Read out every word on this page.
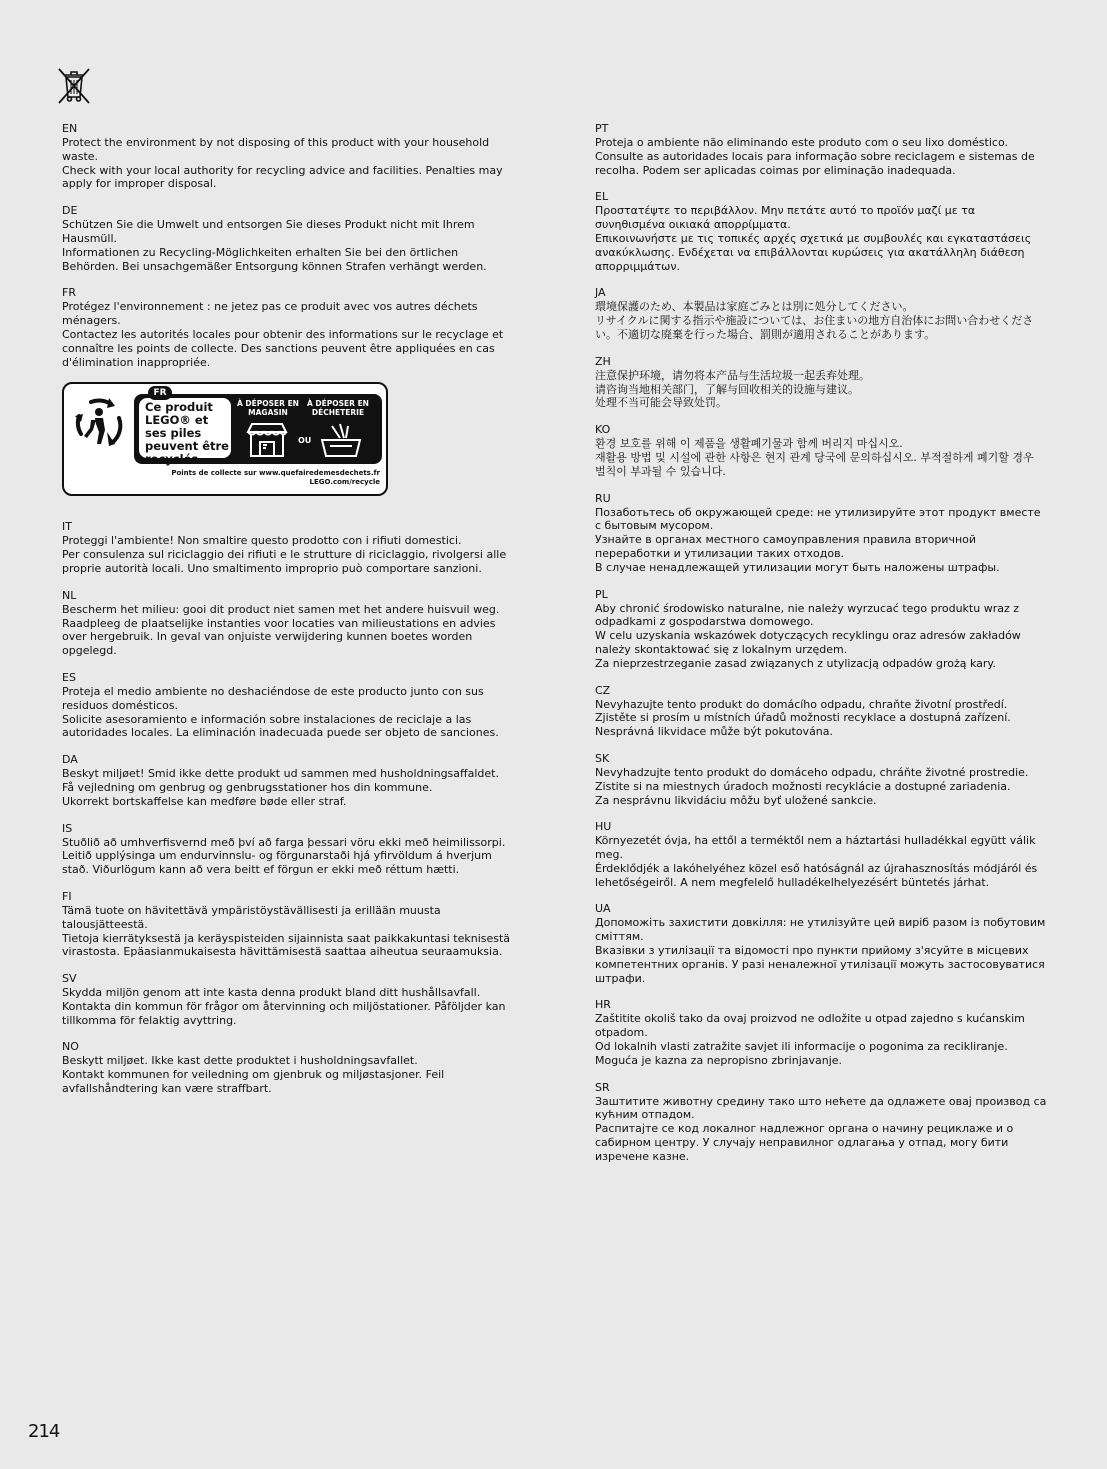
EN
Protect the environment by not disposing of this product with your household waste.
Check with your local authority for recycling advice and facilities. Penalties may apply for improper disposal.
DE
Schützen Sie die Umwelt und entsorgen Sie dieses Produkt nicht mit Ihrem Hausmüll.
Informationen zu Recycling-Möglichkeiten erhalten Sie bei den örtlichen Behörden. Bei unsachgemäßer Entsorgung können Strafen verhängt werden.
FR
Protégez l'environnement : ne jetez pas ce produit avec vos autres déchets ménagers.
Contactez les autorités locales pour obtenir des informations sur le recyclage et connaître les points de collecte. Des sanctions peuvent être appliquées en cas d'élimination inappropriée.
FR
Ce produit LEGO® et ses piles peuvent être recyclés
À DÉPOSER EN MAGASIN
À DÉPOSER EN DÉCHETERIE
OU
Points de collecte sur www.quefairedemesdechets.fr
LEGO.com/recycle
IT
Proteggi l'ambiente! Non smaltire questo prodotto con i rifiuti domestici.
Per consulenza sul riciclaggio dei rifiuti e le strutture di riciclaggio, rivolgersi alle proprie autorità locali. Uno smaltimento improprio può comportare sanzioni.
NL
Bescherm het milieu: gooi dit product niet samen met het andere huisvuil weg.
Raadpleeg de plaatselijke instanties voor locaties van milieustations en advies over hergebruik. In geval van onjuiste verwijdering kunnen boetes worden opgelegd.
ES
Proteja el medio ambiente no deshaciéndose de este producto junto con sus residuos domésticos.
Solicite asesoramiento e información sobre instalaciones de reciclaje a las autoridades locales. La eliminación inadecuada puede ser objeto de sanciones.
DA
Beskyt miljøet! Smid ikke dette produkt ud sammen med husholdningsaffaldet.
Få vejledning om genbrug og genbrugsstationer hos din kommune.
Ukorrekt bortskaffelse kan medføre bøde eller straf.
IS
Stuðlið að umhverfisvernd með því að farga þessari vöru ekki með heimilissorpi.
Leitið upplýsinga um endurvinnslu- og förgunarstaði hjá yfirvöldum á hverjum stað. Viðurlögum kann að vera beitt ef förgun er ekki með réttum hætti.
FI
Tämä tuote on hävitettävä ympäristöystävällisesti ja erillään muusta talousjätteestä.
Tietoja kierrätyksestä ja keräyspisteiden sijainnista saat paikkakuntasi teknisestä virastosta. Epäasianmukaisesta hävittämisestä saattaa aiheutua seuraamuksia.
SV
Skydda miljön genom att inte kasta denna produkt bland ditt hushållsavfall.
Kontakta din kommun för frågor om återvinning och miljöstationer. Påföljder kan tillkomma för felaktig avyttring.
NO
Beskytt miljøet. Ikke kast dette produktet i husholdningsavfallet.
Kontakt kommunen for veiledning om gjenbruk og miljøstasjoner. Feil avfallshåndtering kan være straffbart.
PT
Proteja o ambiente não eliminando este produto com o seu lixo doméstico.
Consulte as autoridades locais para informação sobre reciclagem e sistemas de recolha. Podem ser aplicadas coimas por eliminação inadequada.
EL
Προστατέψτε το περιβάλλον. Μην πετάτε αυτό το προϊόν μαζί με τα συνηθισμένα οικιακά απορρίμματα.
Επικοινωνήστε με τις τοπικές αρχές σχετικά με συμβουλές και εγκαταστάσεις ανακύκλωσης. Ενδέχεται να επιβάλλονται κυρώσεις για ακατάλληλη διάθεση απορριμμάτων.
JA
環境保護のため、本製品は家庭ごみとは別に処分してください。
リサイクルに関する指示や施設については、お住まいの地方自治体にお問い合わせください。不適切な廃棄を行った場合、罰則が適用されることがあります。
ZH
注意保护环境，请勿将本产品与生活垃圾一起丢弃处理。
请咨询当地相关部门，了解与回收相关的设施与建议。
处理不当可能会导致处罚。
KO
환경 보호를 위해 이 제품을 생활폐기물과 함께 버리지 마십시오.
재활용 방법 및 시설에 관한 사항은 현지 관계 당국에 문의하십시오. 부적절하게 폐기할 경우 벌칙이 부과될 수 있습니다.
RU
Позаботьтесь об окружающей среде: не утилизируйте этот продукт вместе с бытовым мусором.
Узнайте в органах местного самоуправления правила вторичной переработки и утилизации таких отходов.
В случае ненадлежащей утилизации могут быть наложены штрафы.
PL
Aby chronić środowisko naturalne, nie należy wyrzucać tego produktu wraz z odpadkami z gospodarstwa domowego.
W celu uzyskania wskazówek dotyczących recyklingu oraz adresów zakładów należy skontaktować się z lokalnym urzędem.
Za nieprzestrzeganie zasad związanych z utylizacją odpadów grożą kary.
CZ
Nevyhazujte tento produkt do domácího odpadu, chraňte životní prostředí.
Zjistěte si prosím u místních úřadů možnosti recyklace a dostupná zařízení.
Nesprávná likvidace může být pokutována.
SK
Nevyhadzujte tento produkt do domáceho odpadu, chráňte životné prostredie.
Zistite si na miestnych úradoch možnosti recyklácie a dostupné zariadenia.
Za nesprávnu likvidáciu môžu byť uložené sankcie.
HU
Környezetét óvja, ha ettől a terméktől nem a háztartási hulladékkal együtt válik meg.
Érdeklődjék a lakóhelyéhez közel eső hatóságnál az újrahasznosítás módjáról és lehetőségeiről. A nem megfelelő hulladékelhelyezésért büntetés járhat.
UA
Допоможіть захистити довкілля: не утилізуйте цей виріб разом із побутовим сміттям.
Вказівки з утилізації та відомості про пункти прийому з'ясуйте в місцевих компетентних органів. У разі неналежної утилізації можуть застосовуватися штрафи.
HR
Zaštitite okoliš tako da ovaj proizvod ne odložite u otpad zajedno s kućanskim otpadom.
Od lokalnih vlasti zatražite savjet ili informacije o pogonima za recikliranje.
Moguća je kazna za nepropisno zbrinjavanje.
SR
Заштитите животну средину тако што нећете да одлажете овај производ са кућним отпадом.
Распитајте се код локалног надлежног органа о начину рециклаже и о сабирном центру. У случају неправилног одлагања у отпад, могу бити изречене казне.
214
